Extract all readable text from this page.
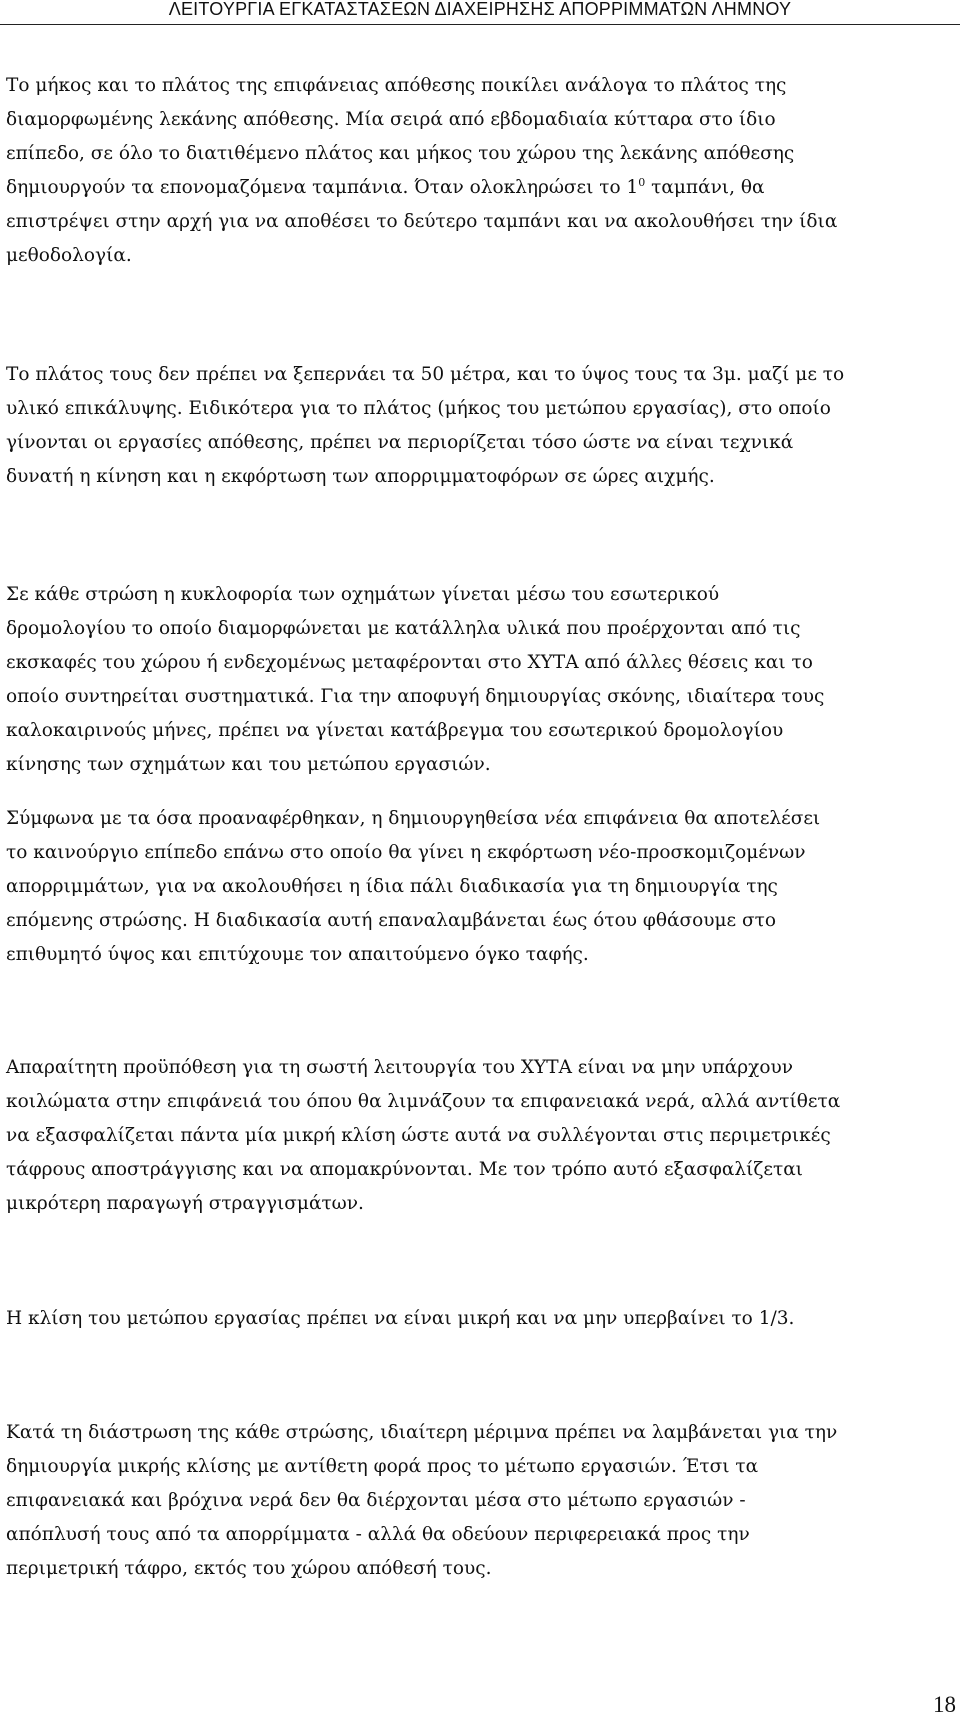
ΛΕΙΤΟΥΡΓΙΑ ΕΓΚΑΤΑΣΤΑΣΕΩΝ ΔΙΑΧΕΙΡΗΣΗΣ ΑΠΟΡΡΙΜΜΑΤΩΝ ΛΗΜΝΟΥ

Το μήκος και το πλάτος της επιφάνειας απόθεσης ποικίλει ανάλογα το πλάτος της
διαμορφωμένης λεκάνης απόθεσης. Μία σειρά από εβδομαδιαία κύτταρα στο ίδιο
επίπεδο, σε όλο το διατιθέμενο πλάτος και μήκος του χώρου της λεκάνης απόθεσης
δημιουργούν τα επονομαζόμενα ταμπάνια. Όταν ολοκληρώσει το $1^0$ ταμπάνι, θα
επιστρέψει στην αρχή για να αποθέσει το δεύτερο ταμπάνι και να ακολουθήσει την ίδια
μεθοδολογία.

Το πλάτος τους δεν πρέπει να ξεπερνάει τα 50 μέτρα, και το ύψος τους τα 3μ. μαζί με το
υλικό επικάλυψης. Ειδικότερα για το πλάτος (μήκος του μετώπου εργασίας), στο οποίο
γίνονται οι εργασίες απόθεσης, πρέπει να περιορίζεται τόσο ώστε να είναι τεχνικά
δυνατή η κίνηση και η εκφόρτωση των απορριμματοφόρων σε ώρες αιχμής.

Σε κάθε στρώση η κυκλοφορία των οχημάτων γίνεται μέσω του εσωτερικού
δρομολογίου το οποίο διαμορφώνεται με κατάλληλα υλικά που προέρχονται από τις
εκσκαφές του χώρου ή ενδεχομένως μεταφέρονται στο ΧΥΤΑ από άλλες θέσεις και το
οποίο συντηρείται συστηματικά. Για την αποφυγή δημιουργίας σκόνης, ιδιαίτερα τους
καλοκαιρινούς μήνες, πρέπει να γίνεται κατάβρεγμα του εσωτερικού δρομολογίου
κίνησης των σχημάτων και του μετώπου εργασιών.

Σύμφωνα με τα όσα προαναφέρθηκαν, η δημιουργηθείσα νέα επιφάνεια θα αποτελέσει
το καινούργιο επίπεδο επάνω στο οποίο θα γίνει η εκφόρτωση νέο-προσκομιζομένων
απορριμμάτων, για να ακολουθήσει η ίδια πάλι διαδικασία για τη δημιουργία της
επόμενης στρώσης. Η διαδικασία αυτή επαναλαμβάνεται έως ότου φθάσουμε στο
επιθυμητό ύψος και επιτύχουμε τον απαιτούμενο όγκο ταφής.

Απαραίτητη προϋπόθεση για τη σωστή λειτουργία του ΧΥΤΑ είναι να μην υπάρχουν
κοιλώματα στην επιφάνειά του όπου θα λιμνάζουν τα επιφανειακά νερά, αλλά αντίθετα
να εξασφαλίζεται πάντα μία μικρή κλίση ώστε αυτά να συλλέγονται στις περιμετρικές
τάφρους αποστράγγισης και να απομακρύνονται. Με τον τρόπο αυτό εξασφαλίζεται
μικρότερη παραγωγή στραγγισμάτων.

Η κλίση του μετώπου εργασίας πρέπει να είναι μικρή και να μην υπερβαίνει το 1/3.

Κατά τη διάστρωση της κάθε στρώσης, ιδιαίτερη μέριμνα πρέπει να λαμβάνεται για την
δημιουργία μικρής κλίσης με αντίθετη φορά προς το μέτωπο εργασιών. Έτσι τα
επιφανειακά και βρόχινα νερά δεν θα διέρχονται μέσα στο μέτωπο εργασιών -
απόπλυσή τους από τα απορρίμματα - αλλά θα οδεύουν περιφερειακά προς την
περιμετρική τάφρο, εκτός του χώρου απόθεσή τους.

18
